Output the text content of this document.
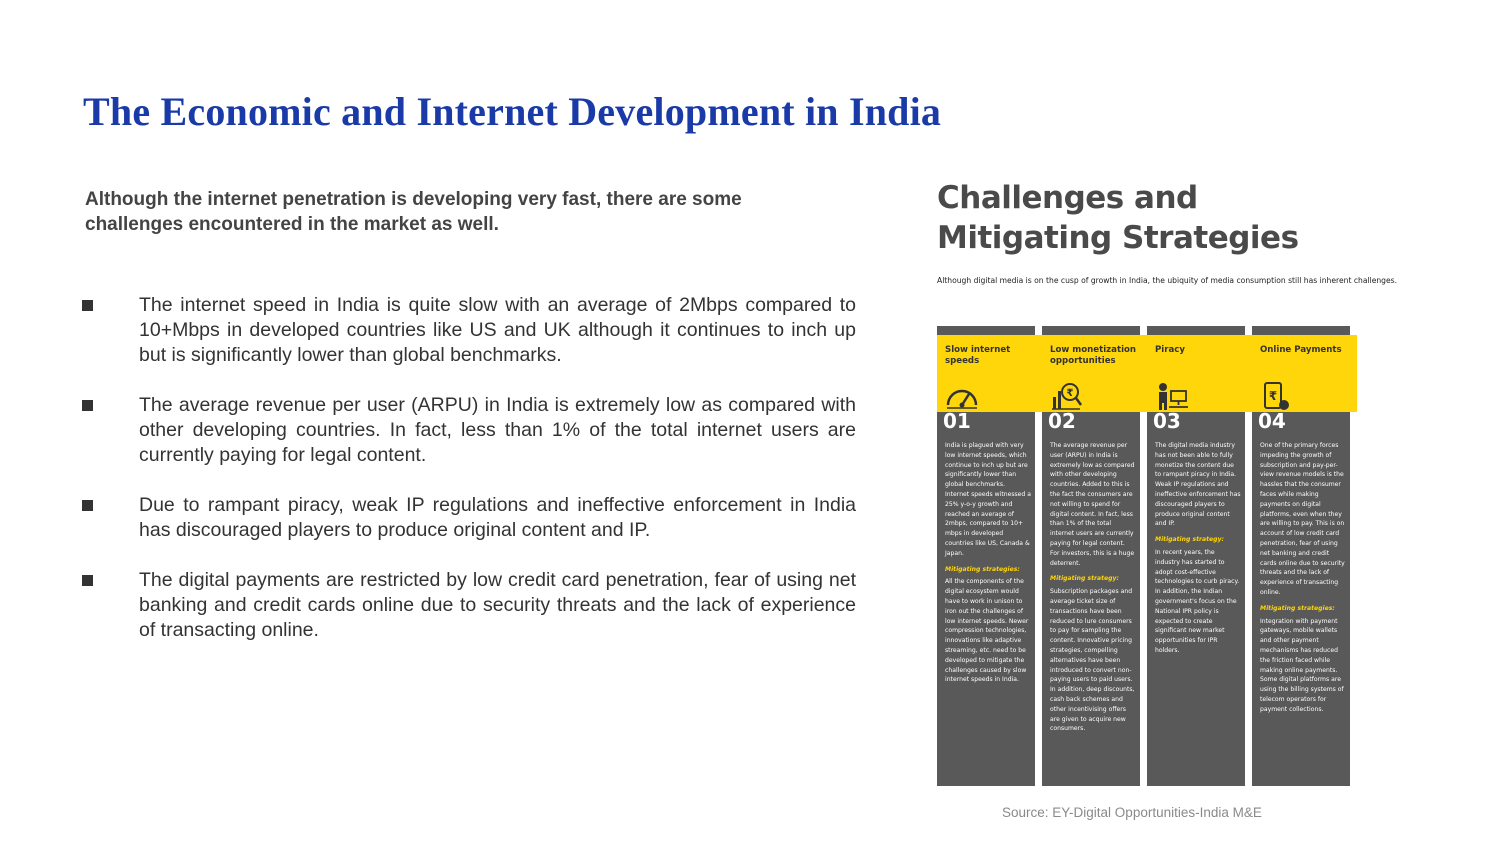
The Economic and Internet Development in India

Although the internet penetration is developing very fast, there are some challenges encountered in the market as well.

The internet speed in India is quite slow with an average of 2Mbps compared to 10+Mbps in developed countries like US and UK although it continues to inch up but is significantly lower than global benchmarks.
The average revenue per user (ARPU) in India is extremely low as compared with other developing countries. In fact, less than 1% of the total internet users are currently paying for legal content.
Due to rampant piracy, weak IP regulations and ineffective enforcement in India has discouraged players to produce original content and IP.
The digital payments are restricted by low credit card penetration, fear of using net banking and credit cards online due to security threats and the lack of experience of transacting online.
Challenges and
Mitigating Strategies
Although digital media is on the cusp of growth in India, the ubiquity of media consumption still has inherent challenges.
Slow internet speeds
01

India is plagued with very low internet speeds, which continue to inch up but are significantly lower than global benchmarks. Internet speeds witnessed a 25% y-o-y growth and reached an average of 2mbps, compared to 10+ mbps in developed countries like US, Canada & Japan.

Mitigating strategies:

All the components of the digital ecosystem would have to work in unison to iron out the challenges of low internet speeds. Newer compression technologies, innovations like adaptive streaming, etc. need to be developed to mitigate the challenges caused by slow internet speeds in India.

Low monetization opportunities
₹
02

The average revenue per user (ARPU) in India is extremely low as compared with other developing countries. Added to this is the fact the consumers are not willing to spend for digital content. In fact, less than 1% of the total internet users are currently paying for legal content. For investors, this is a huge deterrent.

Mitigating strategy:

Subscription packages and average ticket size of transactions have been reduced to lure consumers to pay for sampling the content. Innovative pricing strategies, compelling alternatives have been introduced to convert non-paying users to paid users. In addition, deep discounts, cash back schemes and other incentivising offers are given to acquire new consumers.

Piracy
03

The digital media industry has not been able to fully monetize the content due to rampant piracy in India. Weak IP regulations and ineffective enforcement has discouraged players to produce original content and IP.

Mitigating strategy:

In recent years, the industry has started to adopt cost-effective technologies to curb piracy. In addition, the Indian government's focus on the National IPR policy is expected to create significant new market opportunities for IPR holders.

Online Payments
₹
04

One of the primary forces impeding the growth of subscription and pay-per-view revenue models is the hassles that the consumer faces while making payments on digital platforms, even when they are willing to pay. This is on account of low credit card penetration, fear of using net banking and credit cards online due to security threats and the lack of experience of transacting online.

Mitigating strategies:

Integration with payment gateways, mobile wallets and other payment mechanisms has reduced the friction faced while making online payments. Some digital platforms are using the billing systems of telecom operators for payment collections.

Source: EY-Digital Opportunities-India M&E
